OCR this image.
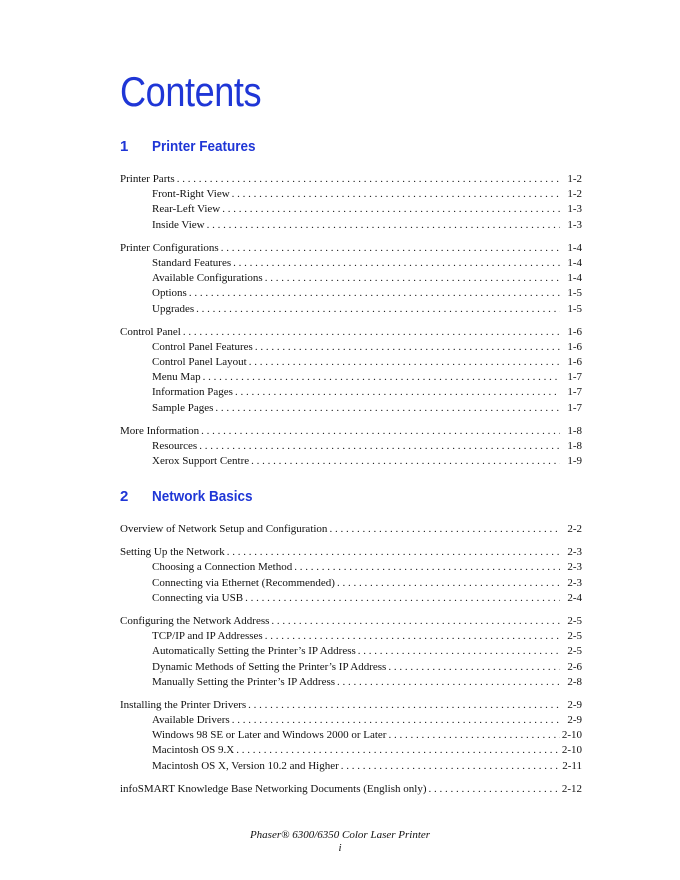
Contents
1 Printer Features
Printer Parts . . .	1-2
Front-Right View . . .	1-2
Rear-Left View . . .	1-3
Inside View . . .	1-3
Printer Configurations . . .	1-4
Standard Features . . .	1-4
Available Configurations . . .	1-4
Options . . .	1-5
Upgrades . . .	1-5
Control Panel . . .	1-6
Control Panel Features . . .	1-6
Control Panel Layout . . .	1-6
Menu Map . . .	1-7
Information Pages . . .	1-7
Sample Pages . . .	1-7
More Information . . .	1-8
Resources . . .	1-8
Xerox Support Centre . . .	1-9
2 Network Basics
Overview of Network Setup and Configuration . . .	2-2
Setting Up the Network . . .	2-3
Choosing a Connection Method . . .	2-3
Connecting via Ethernet (Recommended) . . .	2-3
Connecting via USB . . .	2-4
Configuring the Network Address . . .	2-5
TCP/IP and IP Addresses . . .	2-5
Automatically Setting the Printer’s IP Address . . .	2-5
Dynamic Methods of Setting the Printer’s IP Address . . .	2-6
Manually Setting the Printer’s IP Address . . .	2-8
Installing the Printer Drivers . . .	2-9
Available Drivers . . .	2-9
Windows 98 SE or Later and Windows 2000 or Later . . .	2-10
Macintosh OS 9.X . . .	2-10
Macintosh OS X, Version 10.2 and Higher . . .	2-11
infoSMART Knowledge Base Networking Documents (English only) . . .	2-12
Phaser® 6300/6350 Color Laser Printer
i
